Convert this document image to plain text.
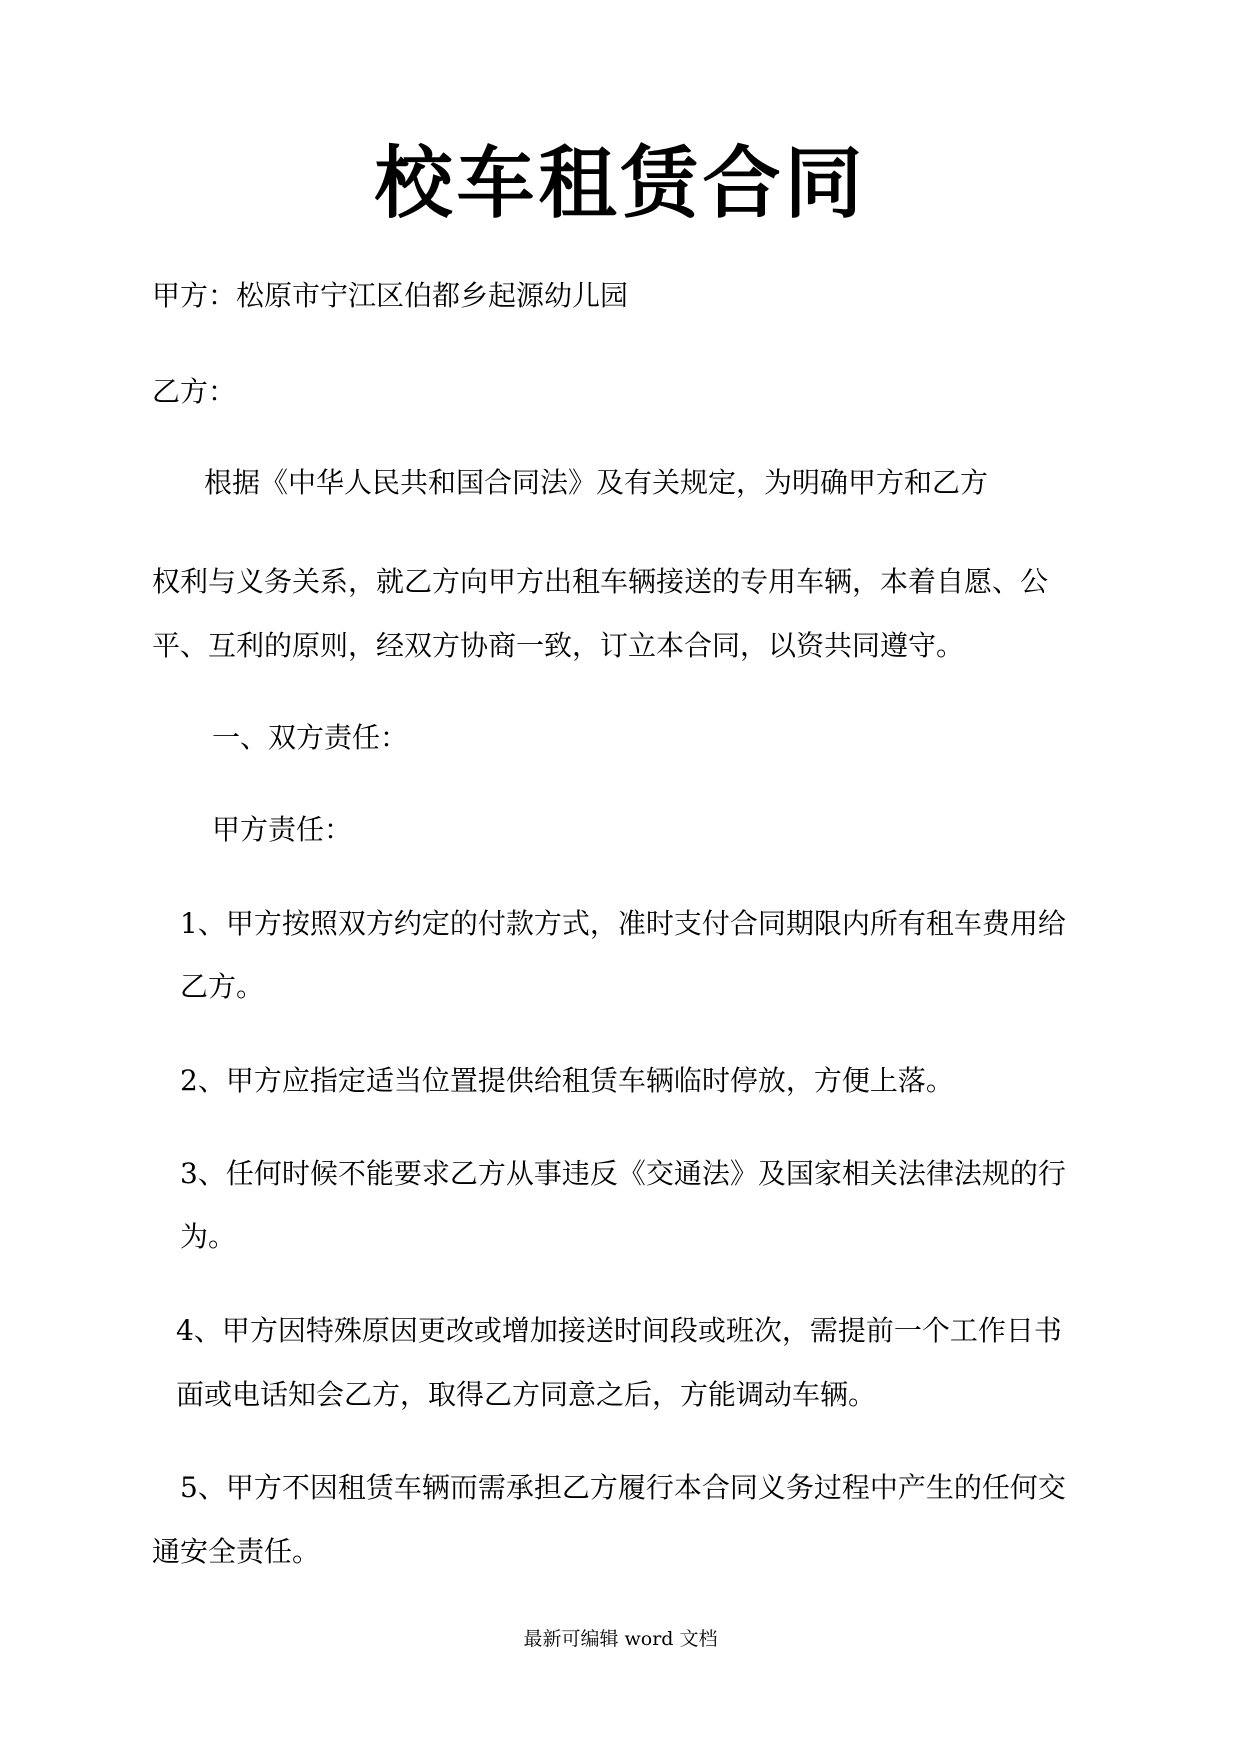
校车租赁合同
甲方：松原市宁江区伯都乡起源幼儿园
乙方：
根据《中华人民共和国合同法》及有关规定，为明确甲方和乙方
权利与义务关系，就乙方向甲方出租车辆接送的专用车辆，本着自愿、公
平、互利的原则，经双方协商一致，订立本合同，以资共同遵守。
一、双方责任：
甲方责任：
1、甲方按照双方约定的付款方式，准时支付合同期限内所有租车费用给
乙方。
2、甲方应指定适当位置提供给租赁车辆临时停放，方便上落。
3、任何时候不能要求乙方从事违反《交通法》及国家相关法律法规的行
为。
4、甲方因特殊原因更改或增加接送时间段或班次，需提前一个工作日书
面或电话知会乙方，取得乙方同意之后，方能调动车辆。
5、甲方不因租赁车辆而需承担乙方履行本合同义务过程中产生的任何交
通安全责任。
最新可编辑 word 文档
